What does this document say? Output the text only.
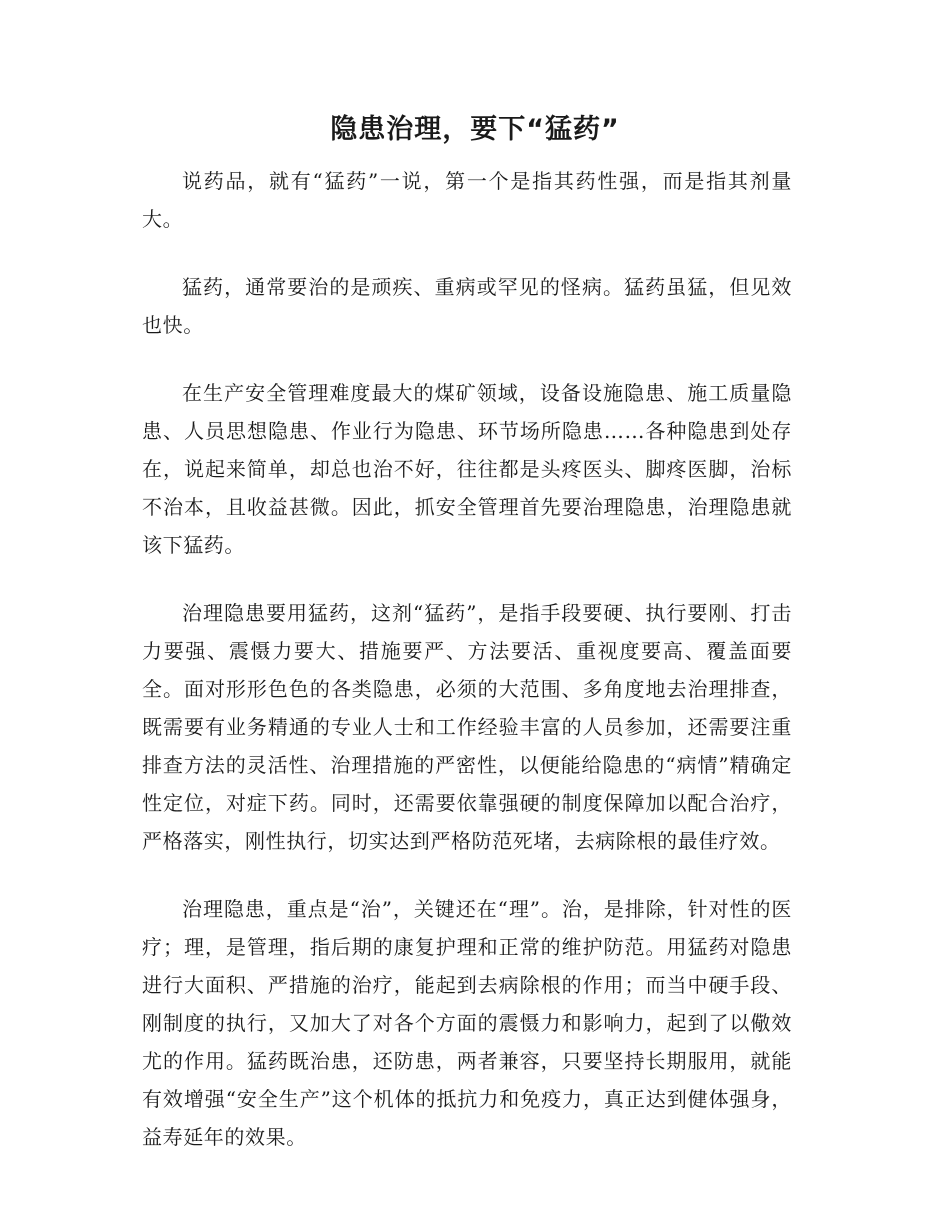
隐患治理，要下“猛药”

说药品，就有“猛药”一说，第一个是指其药性强，而是指其剂量大。

猛药，通常要治的是顽疾、重病或罕见的怪病。猛药虽猛，但见效也快。

在生产安全管理难度最大的煤矿领域，设备设施隐患、施工质量隐患、人员思想隐患、作业行为隐患、环节场所隐患……各种隐患到处存在，说起来简单，却总也治不好，往往都是头疼医头、脚疼医脚，治标不治本，且收益甚微。因此，抓安全管理首先要治理隐患，治理隐患就该下猛药。

治理隐患要用猛药，这剂“猛药”，是指手段要硬、执行要刚、打击力要强、震慑力要大、措施要严、方法要活、重视度要高、覆盖面要全。面对形形色色的各类隐患，必须的大范围、多角度地去治理排查，既需要有业务精通的专业人士和工作经验丰富的人员参加，还需要注重排查方法的灵活性、治理措施的严密性，以便能给隐患的“病情”精确定性定位，对症下药。同时，还需要依靠强硬的制度保障加以配合治疗，严格落实，刚性执行，切实达到严格防范死堵，去病除根的最佳疗效。

治理隐患，重点是“治”，关键还在“理”。治，是排除，针对性的医疗；理，是管理，指后期的康复护理和正常的维护防范。用猛药对隐患进行大面积、严措施的治疗，能起到去病除根的作用；而当中硬手段、刚制度的执行，又加大了对各个方面的震慑力和影响力，起到了以儆效尤的作用。猛药既治患，还防患，两者兼容，只要坚持长期服用，就能有效增强“安全生产”这个机体的抵抗力和免疫力，真正达到健体强身，益寿延年的效果。
